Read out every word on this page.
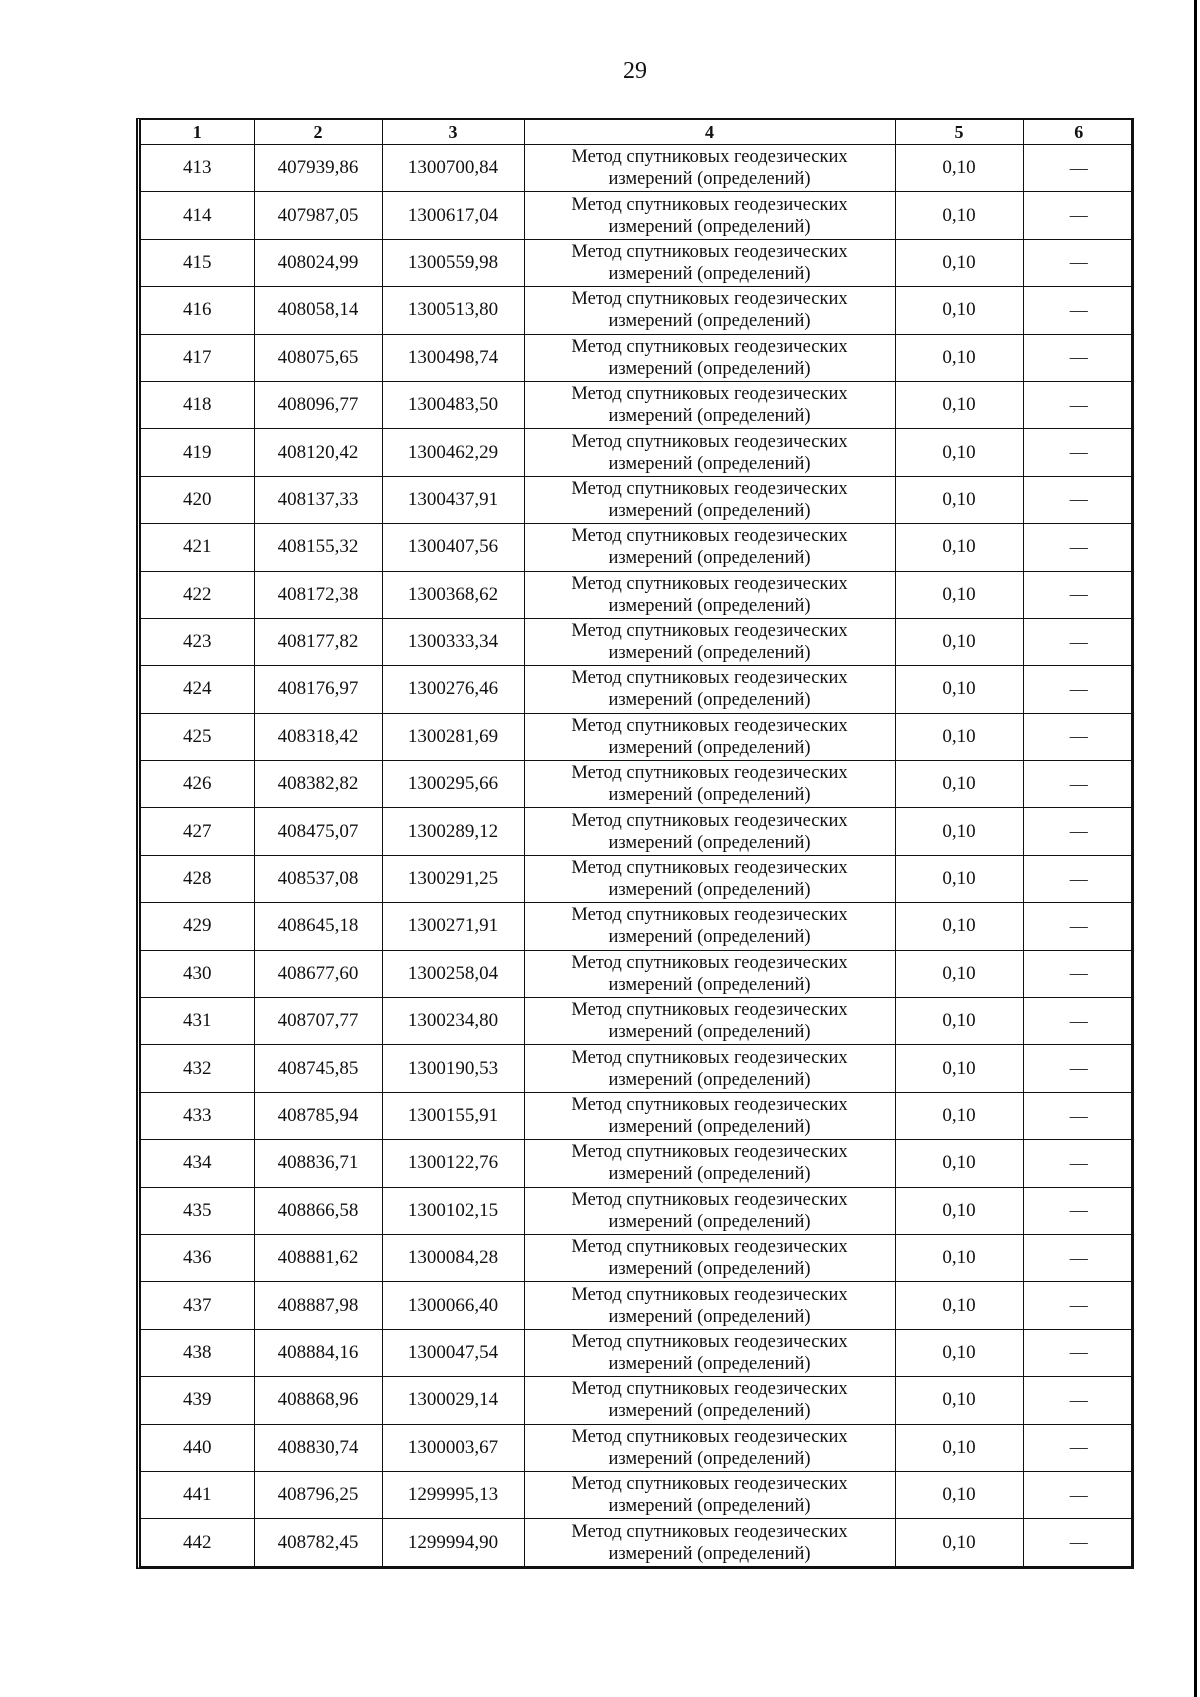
29
1	2	3	4	5	6
413	407939,86	1300700,84	Метод спутниковых геодезических
измерений (определений)	0,10	—
414	407987,05	1300617,04	Метод спутниковых геодезических
измерений (определений)	0,10	—
415	408024,99	1300559,98	Метод спутниковых геодезических
измерений (определений)	0,10	—
416	408058,14	1300513,80	Метод спутниковых геодезических
измерений (определений)	0,10	—
417	408075,65	1300498,74	Метод спутниковых геодезических
измерений (определений)	0,10	—
418	408096,77	1300483,50	Метод спутниковых геодезических
измерений (определений)	0,10	—
419	408120,42	1300462,29	Метод спутниковых геодезических
измерений (определений)	0,10	—
420	408137,33	1300437,91	Метод спутниковых геодезических
измерений (определений)	0,10	—
421	408155,32	1300407,56	Метод спутниковых геодезических
измерений (определений)	0,10	—
422	408172,38	1300368,62	Метод спутниковых геодезических
измерений (определений)	0,10	—
423	408177,82	1300333,34	Метод спутниковых геодезических
измерений (определений)	0,10	—
424	408176,97	1300276,46	Метод спутниковых геодезических
измерений (определений)	0,10	—
425	408318,42	1300281,69	Метод спутниковых геодезических
измерений (определений)	0,10	—
426	408382,82	1300295,66	Метод спутниковых геодезических
измерений (определений)	0,10	—
427	408475,07	1300289,12	Метод спутниковых геодезических
измерений (определений)	0,10	—
428	408537,08	1300291,25	Метод спутниковых геодезических
измерений (определений)	0,10	—
429	408645,18	1300271,91	Метод спутниковых геодезических
измерений (определений)	0,10	—
430	408677,60	1300258,04	Метод спутниковых геодезических
измерений (определений)	0,10	—
431	408707,77	1300234,80	Метод спутниковых геодезических
измерений (определений)	0,10	—
432	408745,85	1300190,53	Метод спутниковых геодезических
измерений (определений)	0,10	—
433	408785,94	1300155,91	Метод спутниковых геодезических
измерений (определений)	0,10	—
434	408836,71	1300122,76	Метод спутниковых геодезических
измерений (определений)	0,10	—
435	408866,58	1300102,15	Метод спутниковых геодезических
измерений (определений)	0,10	—
436	408881,62	1300084,28	Метод спутниковых геодезических
измерений (определений)	0,10	—
437	408887,98	1300066,40	Метод спутниковых геодезических
измерений (определений)	0,10	—
438	408884,16	1300047,54	Метод спутниковых геодезических
измерений (определений)	0,10	—
439	408868,96	1300029,14	Метод спутниковых геодезических
измерений (определений)	0,10	—
440	408830,74	1300003,67	Метод спутниковых геодезических
измерений (определений)	0,10	—
441	408796,25	1299995,13	Метод спутниковых геодезических
измерений (определений)	0,10	—
442	408782,45	1299994,90	Метод спутниковых геодезических
измерений (определений)	0,10	—
